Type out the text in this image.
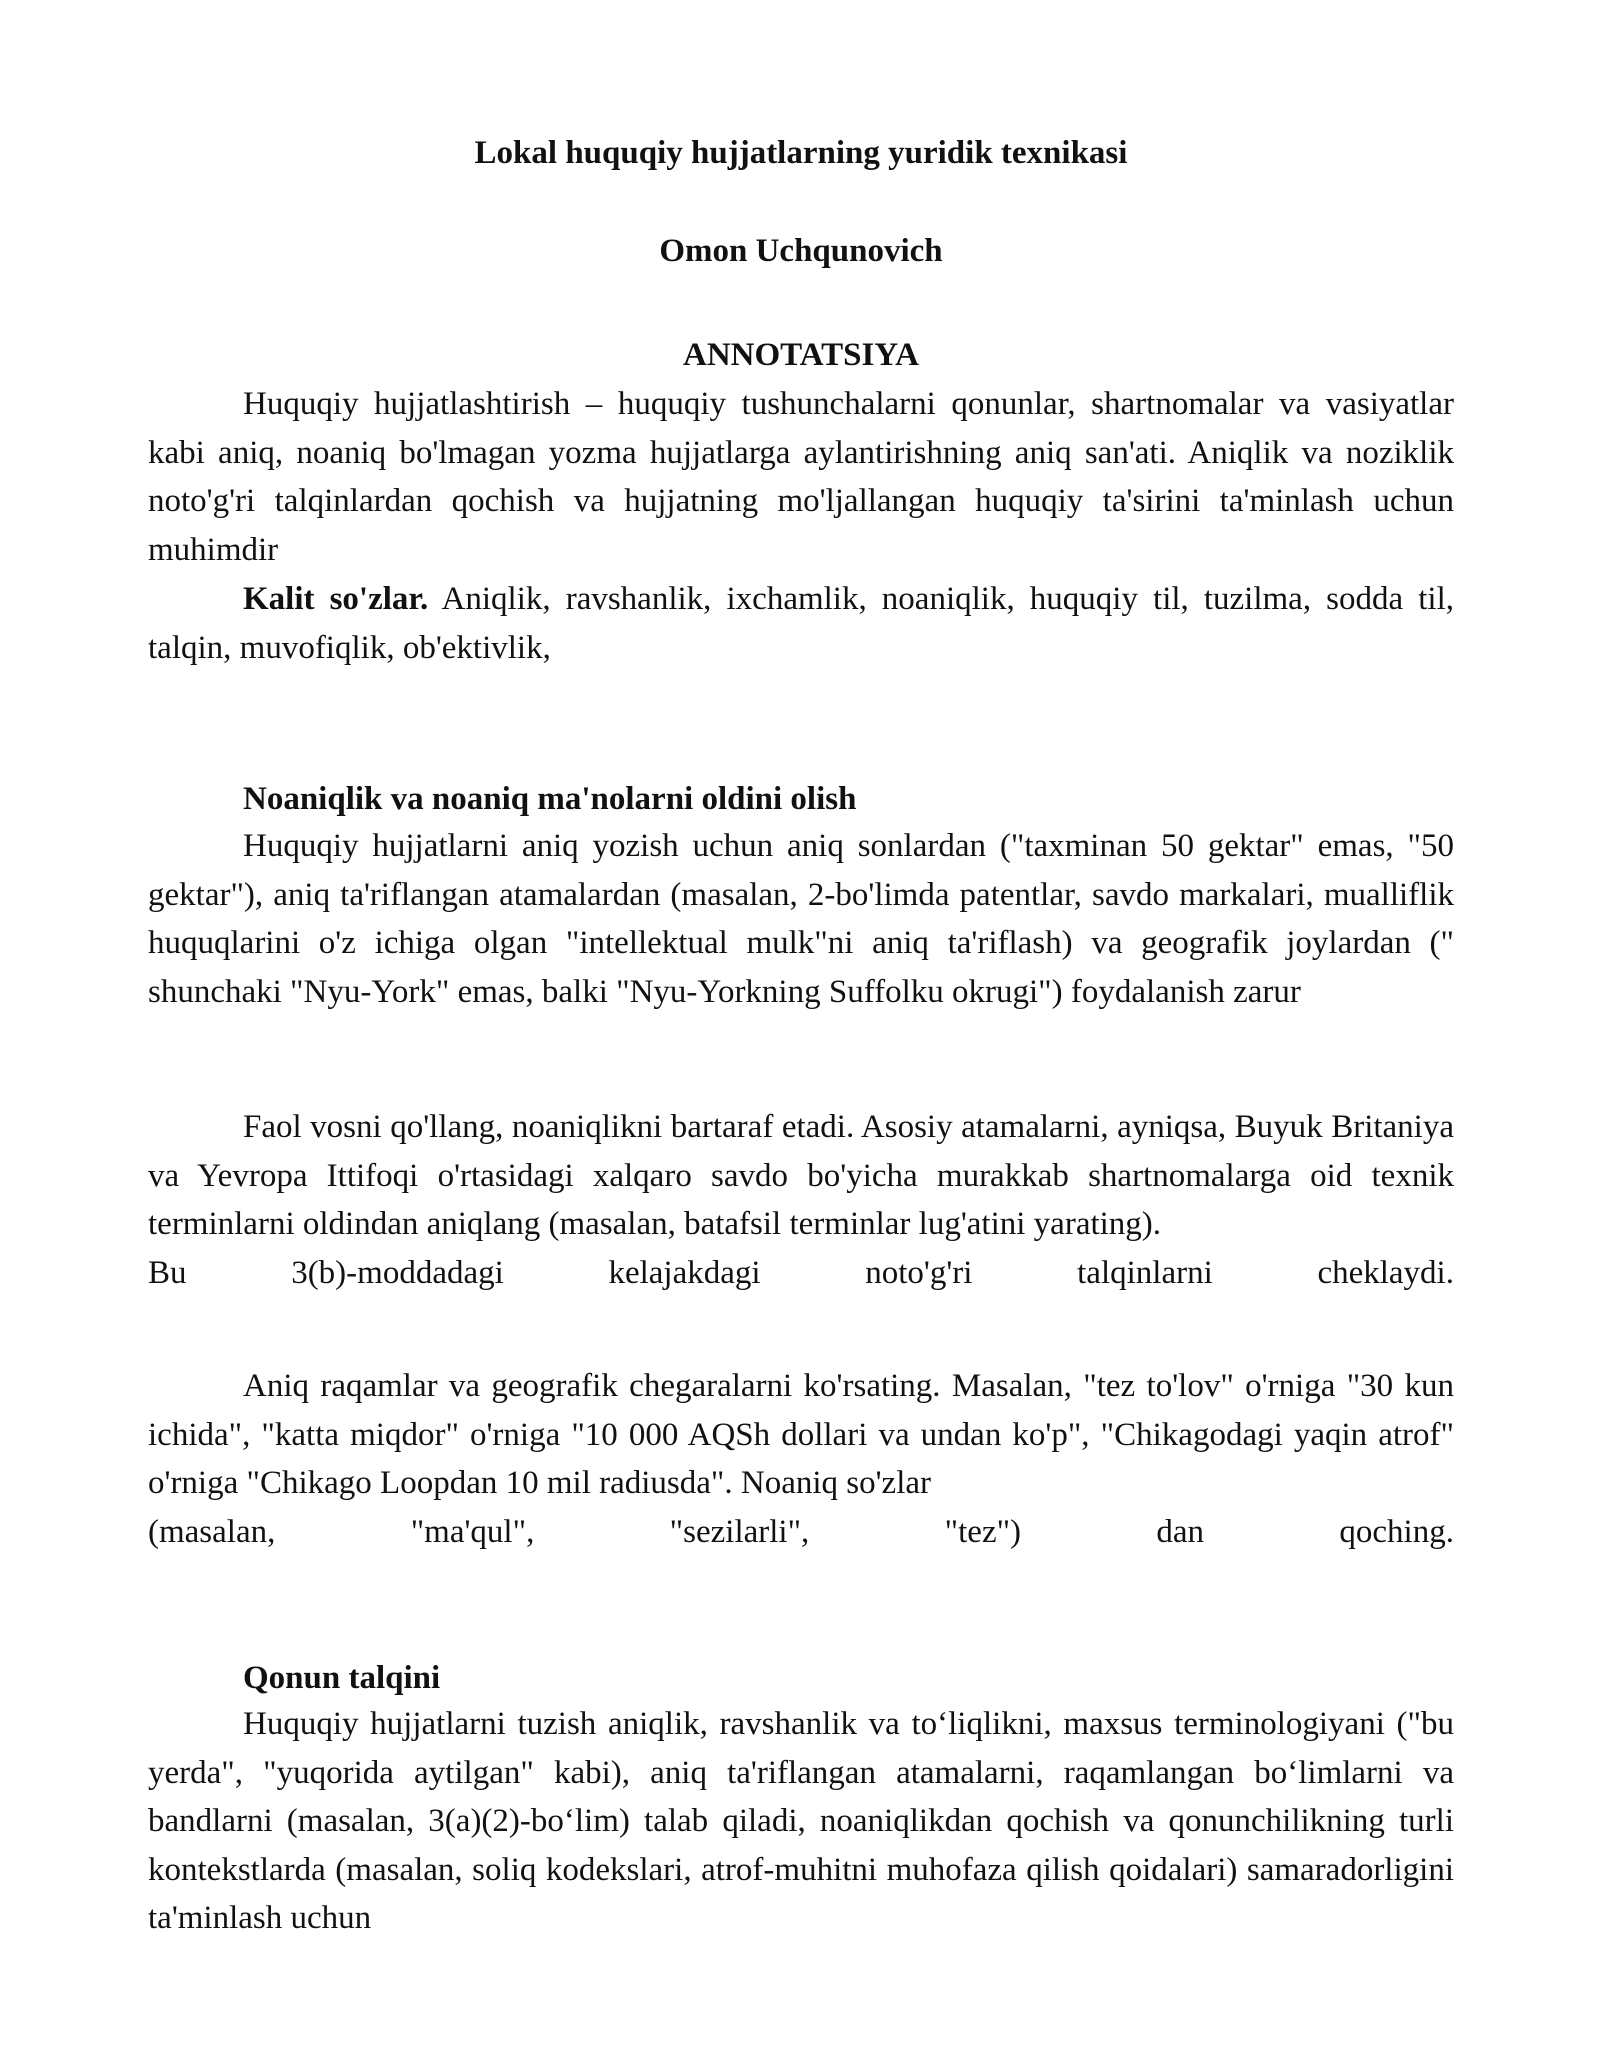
Lokal huquqiy hujjatlarning yuridik texnikasi
Omon Uchqunovich
ANNOTATSIYA

Huquqiy hujjatlashtirish – huquqiy tushunchalarni qonunlar, shartnomalar va vasiyatlar kabi aniq, noaniq bo'lmagan yozma hujjatlarga aylantirishning aniq san'ati. Aniqlik va noziklik noto'g'ri talqinlardan qochish va hujjatning mo'ljallangan huquqiy ta'sirini ta'minlash uchun muhimdir

Kalit so'zlar. Aniqlik, ravshanlik, ixchamlik, noaniqlik, huquqiy til, tuzilma, sodda til, talqin, muvofiqlik, ob'ektivlik,

Noaniqlik va noaniq ma'nolarni oldini olish

Huquqiy hujjatlarni aniq yozish uchun aniq sonlardan ("taxminan 50 gektar" emas, "50 gektar"), aniq ta'riflangan atamalardan (masalan, 2-bo'limda patentlar, savdo markalari, mualliflik huquqlarini o'z ichiga olgan "intellektual mulk"ni aniq ta'riflash) va geografik joylardan (" shunchaki "Nyu-York" emas, balki "Nyu-Yorkning Suffolku okrugi") foydalanish zarur

Faol vosni qo'llang, noaniqlikni bartaraf etadi. Asosiy atamalarni, ayniqsa, Buyuk Britaniya va Yevropa Ittifoqi o'rtasidagi xalqaro savdo bo'yicha murakkab shartnomalarga oid texnik terminlarni oldindan aniqlang (masalan, batafsil terminlar lug'atini yarating).
Bu	3(b)-moddadagi	kelajakdagi	noto'g'ri	talqinlarni	cheklaydi.
Aniq raqamlar va geografik chegaralarni ko'rsating. Masalan, "tez to'lov" o'rniga "30 kun ichida", "katta miqdor" o'rniga "10 000 AQSh dollari va undan ko'p", "Chikagodagi yaqin atrof" o'rniga "Chikago Loopdan 10 mil radiusda". Noaniq so'zlar
(masalan,	"ma'qul",	"sezilarli",	"tez")	dan	qoching.
Qonun talqini

Huquqiy hujjatlarni tuzish aniqlik, ravshanlik va to‘liqlikni, maxsus terminologiyani ("bu yerda", "yuqorida aytilgan" kabi), aniq ta'riflangan atamalarni, raqamlangan bo‘limlarni va bandlarni (masalan, 3(a)(2)-bo‘lim) talab qiladi, noaniqlikdan qochish va qonunchilikning turli kontekstlarda (masalan, soliq kodekslari, atrof-muhitni muhofaza qilish qoidalari) samaradorligini ta'minlash uchun
